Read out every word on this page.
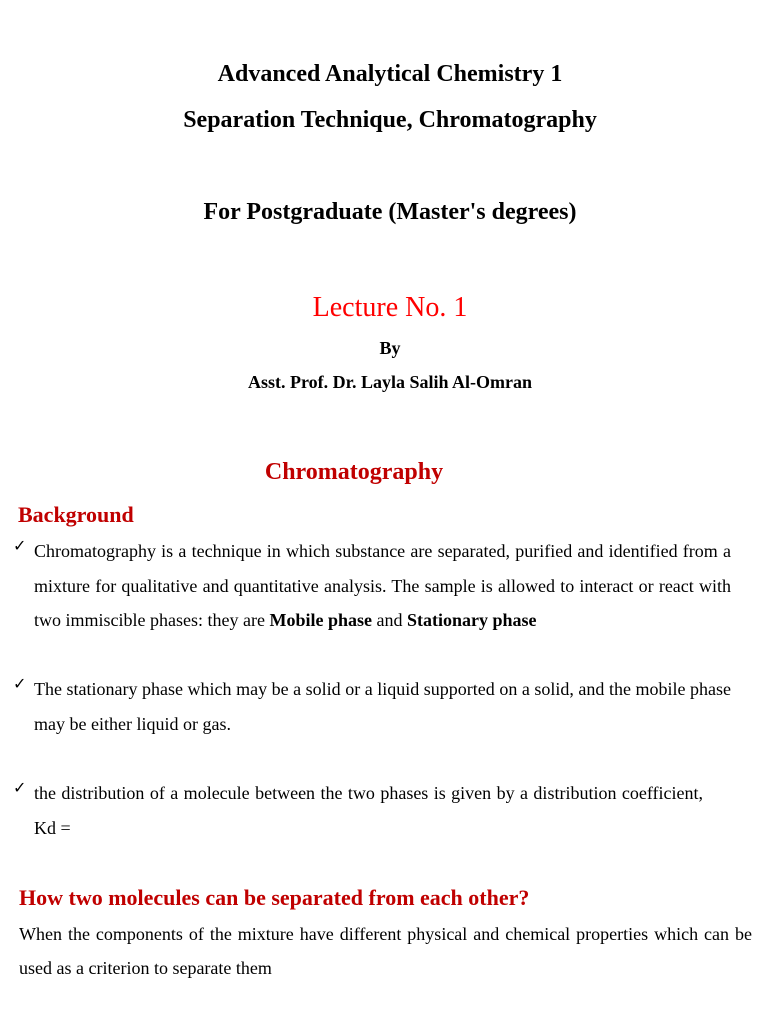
Advanced Analytical Chemistry 1
Separation Technique, Chromatography
For Postgraduate (Master's degrees)
Lecture No. 1
By
Asst. Prof. Dr. Layla Salih Al-Omran
Chromatography
Background
✓ Chromatography is a technique in which substance are separated, purified and identified from a mixture for qualitative and quantitative analysis. The sample is allowed to interact or react with two immiscible phases: they are Mobile phase and Stationary phase
✓ The stationary phase which may be a solid or a liquid supported on a solid, and the mobile phase may be either liquid or gas.
✓ the distribution of a molecule between the two phases is given by a distribution coefficient,Kd =
How two molecules can be separated from each other?
When the components of the mixture have different physical and chemical properties which can be used as a criterion to separate them
